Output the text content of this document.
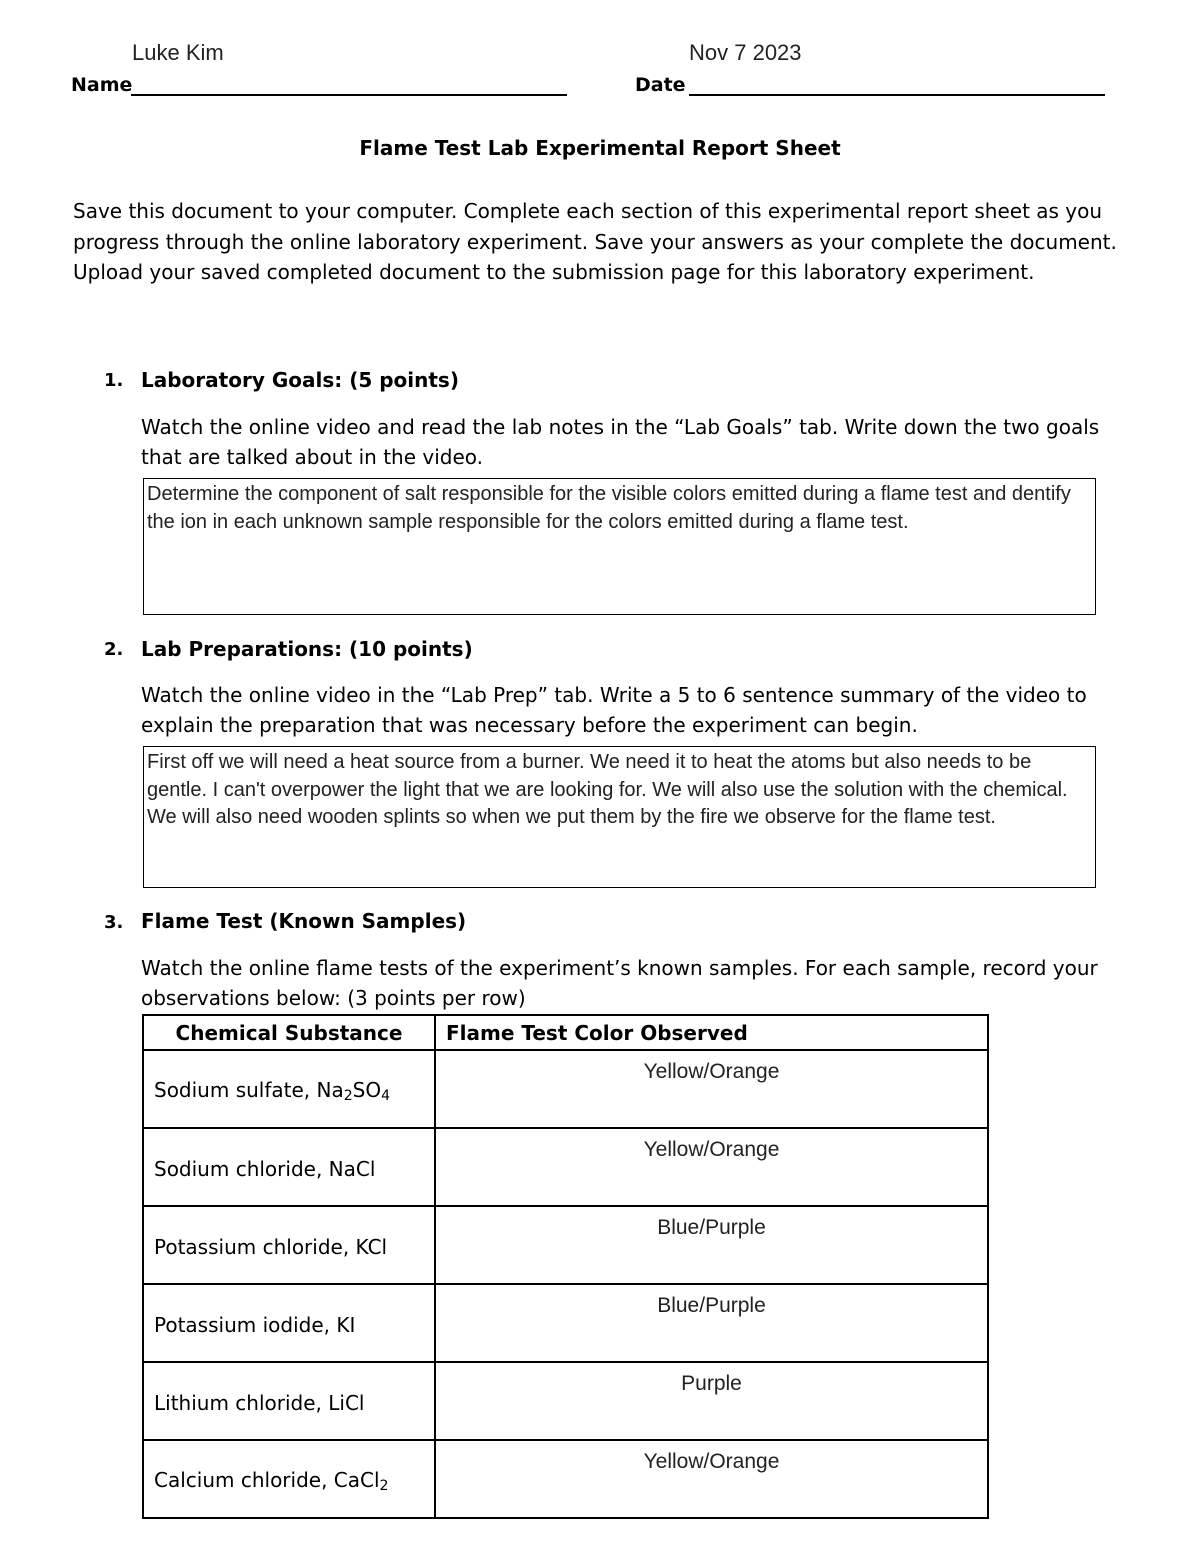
Luke Kim
Name
Nov 7 2023
Date
Flame Test Lab Experimental Report Sheet
Save this document to your computer. Complete each section of this experimental report sheet as you progress through the online laboratory experiment. Save your answers as your complete the document. Upload your saved completed document to the submission page for this laboratory experiment.
1. Laboratory Goals: (5 points)
Watch the online video and read the lab notes in the “Lab Goals” tab. Write down the two goals that are talked about in the video.
Determine the component of salt responsible for the visible colors emitted during a flame test and dentify the ion in each unknown sample responsible for the colors emitted during a flame test.
2. Lab Preparations: (10 points)
Watch the online video in the “Lab Prep” tab. Write a 5 to 6 sentence summary of the video to explain the preparation that was necessary before the experiment can begin.
First off we will need a heat source from a burner. We need it to heat the atoms but also needs to be gentle. I can't overpower the light that we are looking for. We will also use the solution with the chemical. We will also need wooden splints so when we put them by the fire we observe for the flame test.
3. Flame Test (Known Samples)
Watch the online flame tests of the experiment’s known samples. For each sample, record your observations below: (3 points per row)
Chemical Substance	Flame Test Color Observed
Sodium sulfate, $Na_2SO_4$	Yellow/Orange
Sodium chloride, NaCl	Yellow/Orange
Potassium chloride, KCl	Blue/Purple
Potassium iodide, KI	Blue/Purple
Lithium chloride, LiCl	Purple
Calcium chloride, CaCl$_2$	Yellow/Orange
